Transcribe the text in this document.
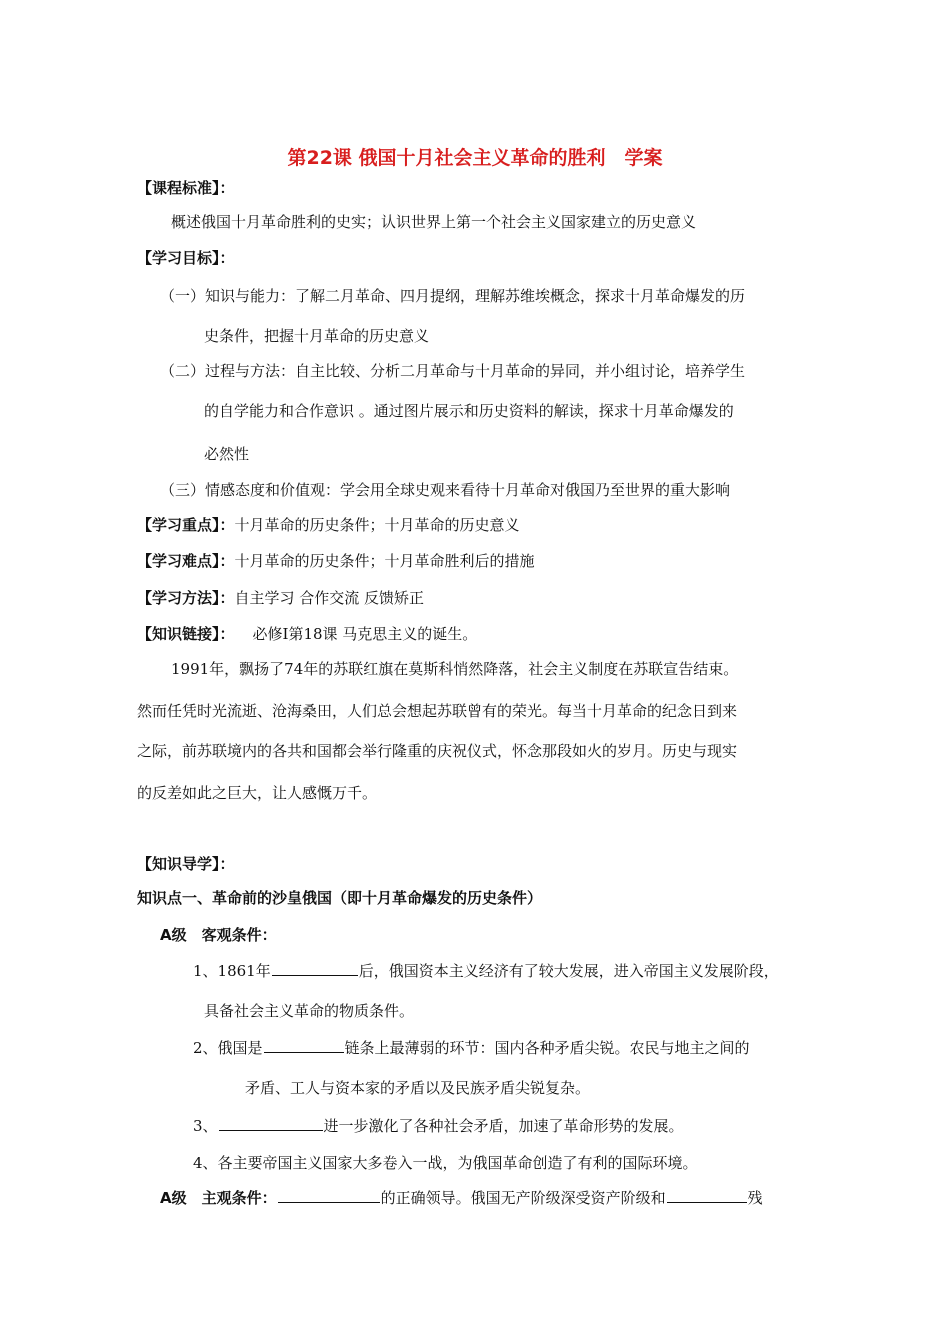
第22课 俄国十月社会主义革命的胜利　学案
【课程标准】：
概述俄国十月革命胜利的史实；认识世界上第一个社会主义国家建立的历史意义
【学习目标】：
（一）知识与能力：了解二月革命、四月提纲，理解苏维埃概念，探求十月革命爆发的历
史条件，把握十月革命的历史意义
（二）过程与方法：自主比较、分析二月革命与十月革命的异同，并小组讨论，培养学生
的自学能力和合作意识 。通过图片展示和历史资料的解读，探求十月革命爆发的
必然性
（三）情感态度和价值观：学会用全球史观来看待十月革命对俄国乃至世界的重大影响
【学习重点】：十月革命的历史条件；十月革命的历史意义
【学习难点】：十月革命的历史条件；十月革命胜利后的措施
【学习方法】：自主学习 合作交流 反馈矫正
【知识链接】： 必修Ⅰ第18课 马克思主义的诞生。
1991年，飘扬了74年的苏联红旗在莫斯科悄然降落，社会主义制度在苏联宣告结束。
然而任凭时光流逝、沧海桑田，人们总会想起苏联曾有的荣光。每当十月革命的纪念日到来
之际，前苏联境内的各共和国都会举行隆重的庆祝仪式，怀念那段如火的岁月。历史与现实
的反差如此之巨大，让人感慨万千。
【知识导学】：
知识点一、革命前的沙皇俄国（即十月革命爆发的历史条件）
A级　客观条件：
1、1861年	后，俄国资本主义经济有了较大发展，进入帝国主义发展阶段，
具备社会主义革命的物质条件。
2、俄国是	链条上最薄弱的环节：国内各种矛盾尖锐。农民与地主之间的
矛盾、工人与资本家的矛盾以及民族矛盾尖锐复杂。
3、	进一步激化了各种社会矛盾，加速了革命形势的发展。
4、各主要帝国主义国家大多卷入一战，为俄国革命创造了有利的国际环境。
A级　主观条件：	的正确领导。俄国无产阶级深受资产阶级和	残
